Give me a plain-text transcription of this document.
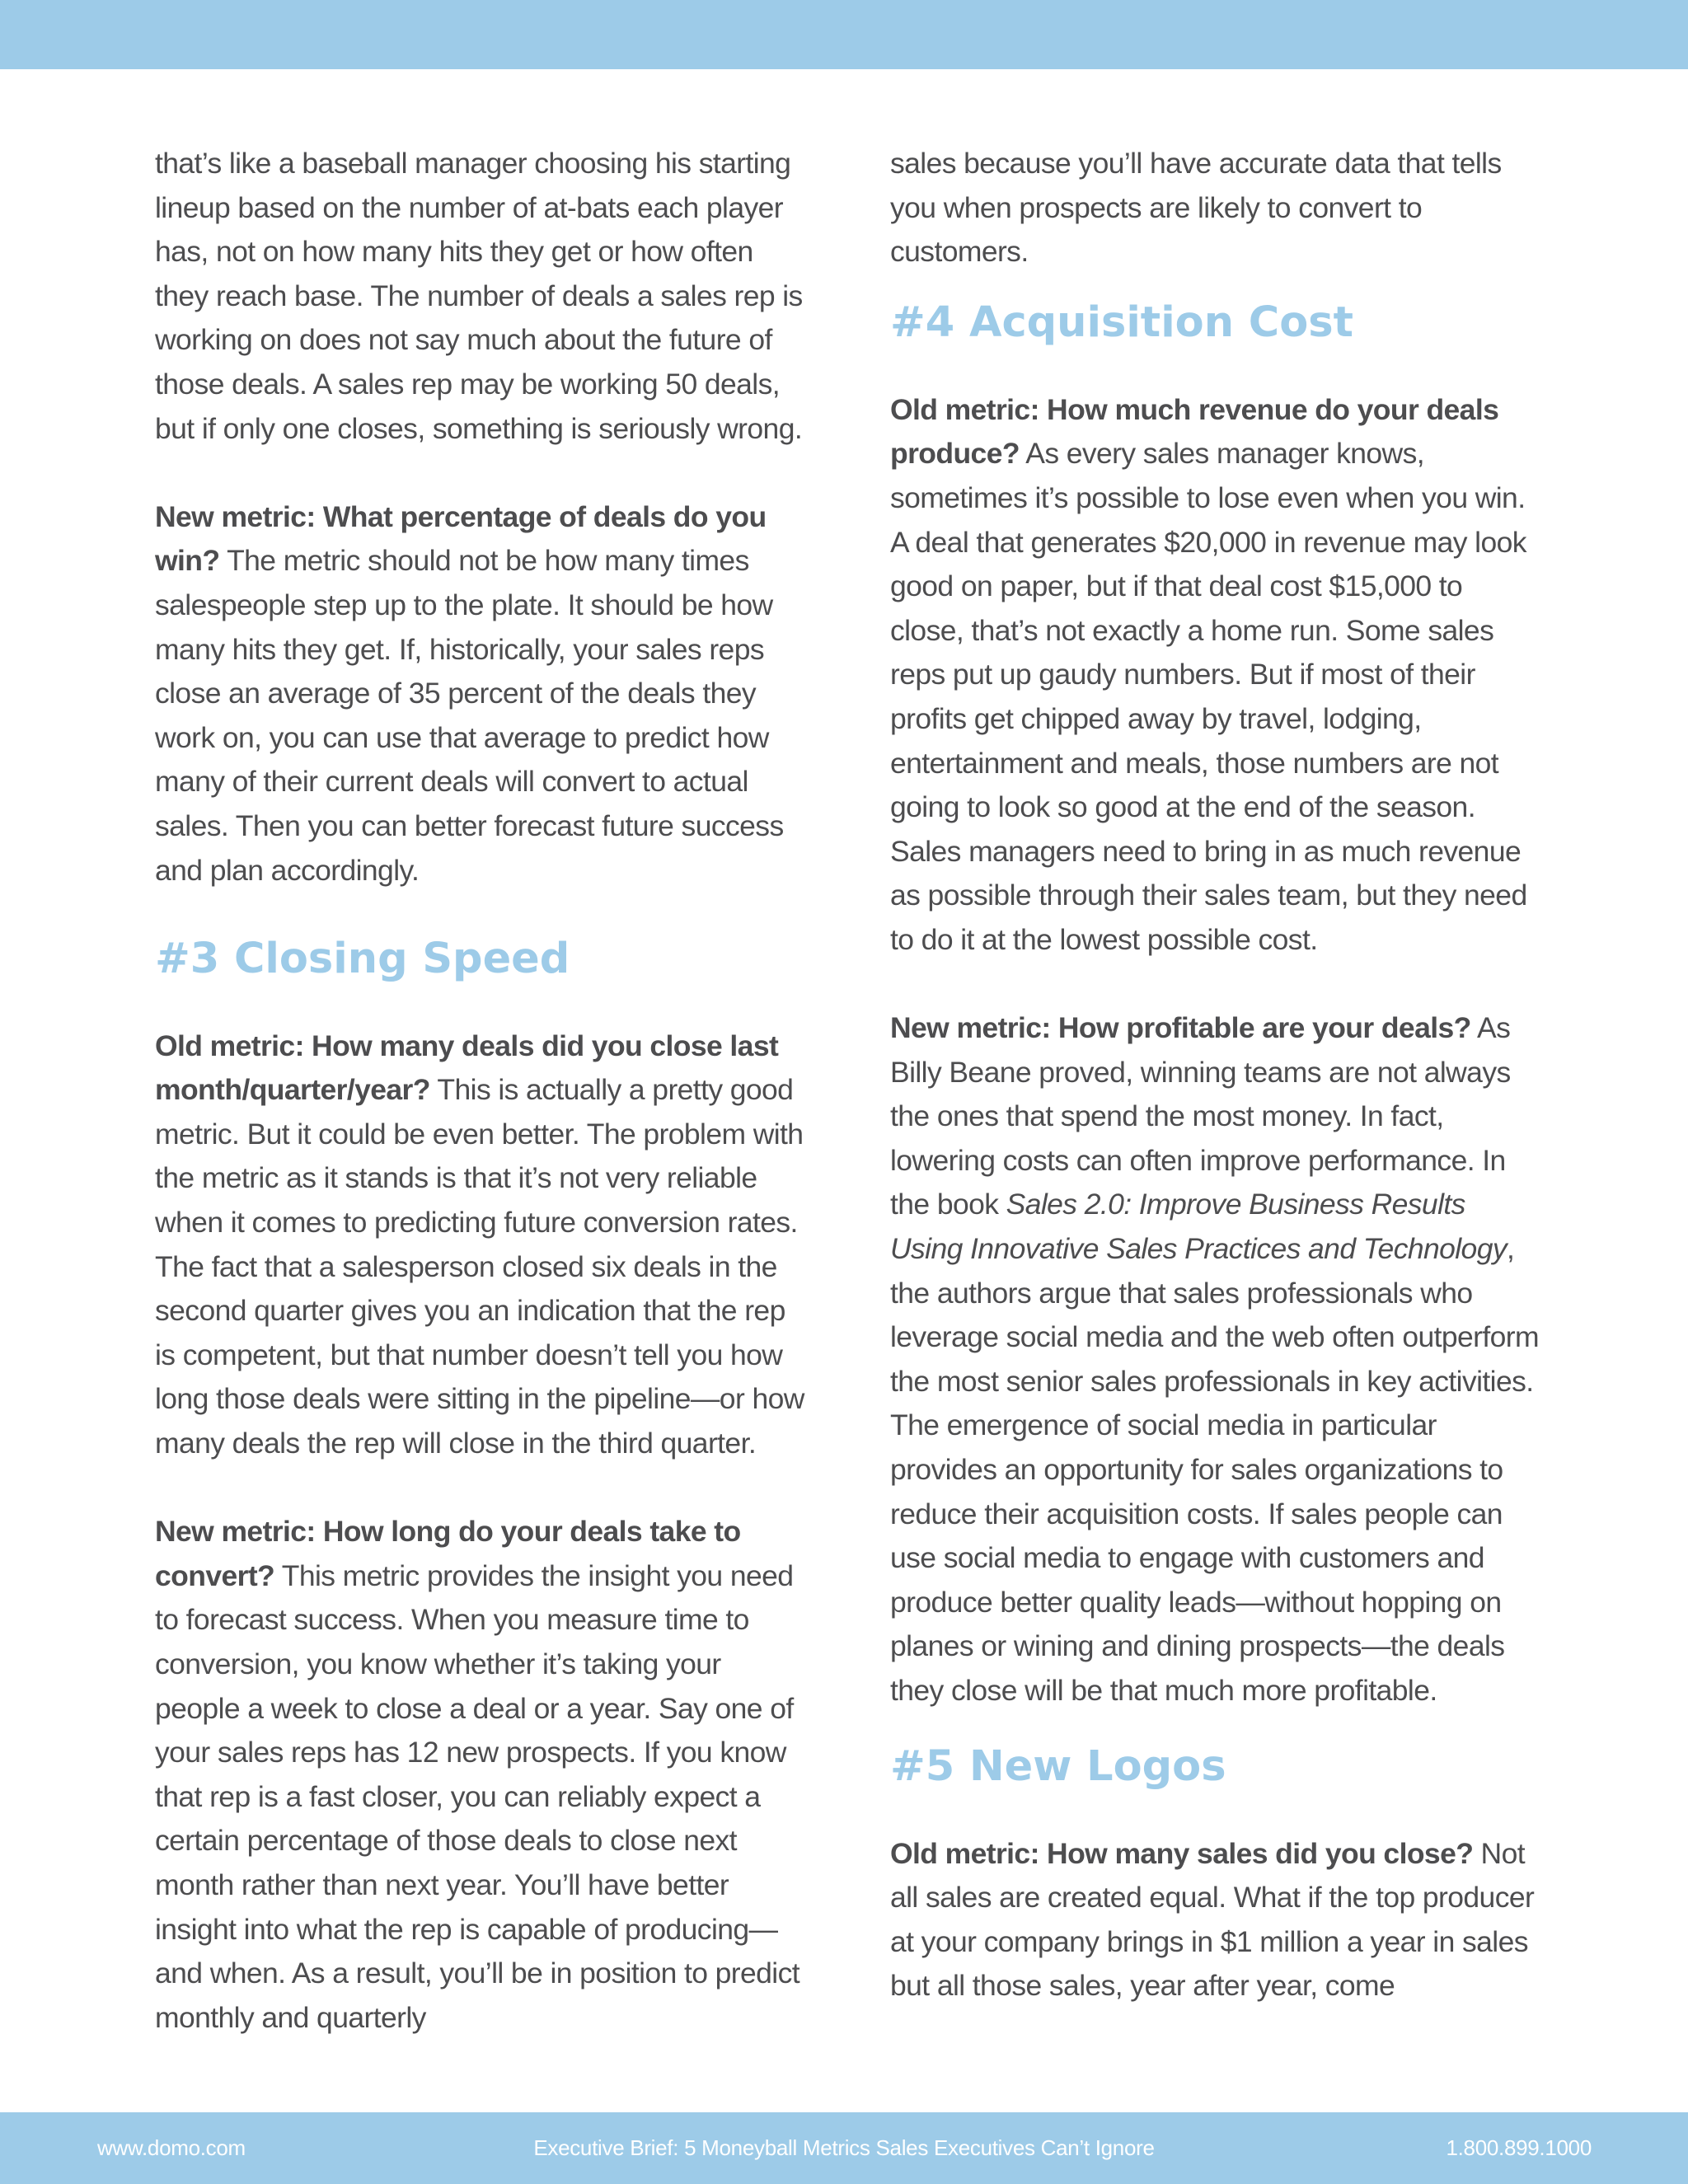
that’s like a baseball manager choosing his starting lineup based on the number of at-bats each player has, not on how many hits they get or how often they reach base. The number of deals a sales rep is working on does not say much about the future of those deals. A sales rep may be working 50 deals, but if only one closes, something is seriously wrong.

New metric: What percentage of deals do you win? The metric should not be how many times salespeople step up to the plate. It should be how many hits they get. If, historically, your sales reps close an average of 35 percent of the deals they work on, you can use that average to predict how many of their current deals will convert to actual sales. Then you can better forecast future success and plan accordingly.

#3 Closing Speed

Old metric: How many deals did you close last month/quarter/year? This is actually a pretty good metric. But it could be even better. The problem with the metric as it stands is that it’s not very reliable when it comes to predicting future conversion rates. The fact that a salesperson closed six deals in the second quarter gives you an indication that the rep is competent, but that number doesn’t tell you how long those deals were sitting in the pipeline—or how many deals the rep will close in the third quarter.

New metric: How long do your deals take to convert? This metric provides the insight you need to forecast success. When you measure time to conversion, you know whether it’s taking your people a week to close a deal or a year. Say one of your sales reps has 12 new prospects. If you know that rep is a fast closer, you can reliably expect a certain percentage of those deals to close next month rather than next year. You’ll have better insight into what the rep is capable of producing—and when. As a result, you’ll be in position to predict monthly and quarterly

sales because you’ll have accurate data that tells you when prospects are likely to convert to customers.

#4 Acquisition Cost

Old metric: How much revenue do your deals produce? As every sales manager knows, sometimes it’s possible to lose even when you win. A deal that generates $20,000 in revenue may look good on paper, but if that deal cost $15,000 to close, that’s not exactly a home run. Some sales reps put up gaudy numbers. But if most of their profits get chipped away by travel, lodging, entertainment and meals, those numbers are not going to look so good at the end of the season. Sales managers need to bring in as much revenue as possible through their sales team, but they need to do it at the lowest possible cost.

New metric: How profitable are your deals? As Billy Beane proved, winning teams are not always the ones that spend the most money. In fact, lowering costs can often improve performance. In the book Sales 2.0: Improve Business Results Using Innovative Sales Practices and Technology, the authors argue that sales professionals who leverage social media and the web often outperform the most senior sales professionals in key activities. The emergence of social media in particular provides an opportunity for sales organizations to reduce their acquisition costs. If sales people can use social media to engage with customers and produce better quality leads—without hopping on planes or wining and dining prospects—the deals they close will be that much more profitable.

#5 New Logos

Old metric: How many sales did you close? Not all sales are created equal. What if the top producer at your company brings in $1 million a year in sales but all those sales, year after year, come

www.domo.com	Executive Brief: 5 Moneyball Metrics Sales Executives Can’t Ignore	1.800.899.1000
